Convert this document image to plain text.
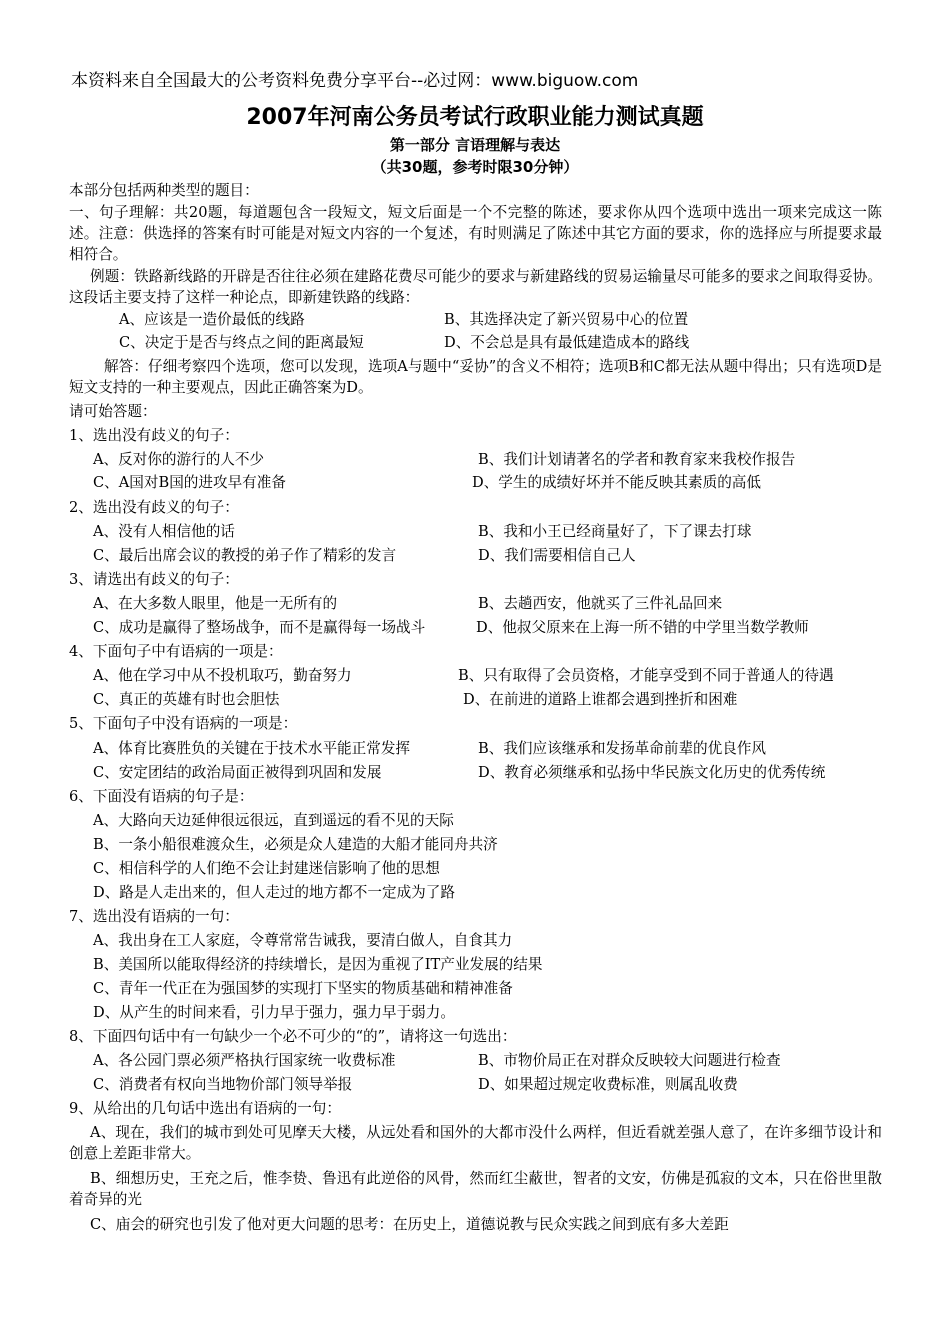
本资料来自全国最大的公考资料免费分享平台--必过网：www.biguow.com
2007年河南公务员考试行政职业能力测试真题
第一部分 言语理解与表达
（共30题，参考时限30分钟）
本部分包括两种类型的题目：
一、句子理解：共20题，每道题包含一段短文，短文后面是一个不完整的陈述，要求你从四个选项中选出一项来完成这一陈述。注意：供选择的答案有时可能是对短文内容的一个复述，有时则满足了陈述中其它方面的要求，你的选择应与所提要求最相符合。
例题：铁路新线路的开辟是否往往必须在建路花费尽可能少的要求与新建路线的贸易运输量尽可能多的要求之间取得妥协。这段话主要支持了这样一种论点，即新建铁路的线路：
A、应该是一造价最低的线路	B、其选择决定了新兴贸易中心的位置
C、决定于是否与终点之间的距离最短	D、不会总是具有最低建造成本的路线
解答：仔细考察四个选项，您可以发现，选项A与题中“妥协”的含义不相符；选项B和C都无法从题中得出；只有选项D是短文支持的一种主要观点，因此正确答案为D。
请可始答题：
1、选出没有歧义的句子：
A、反对你的游行的人不少	B、我们计划请著名的学者和教育家来我校作报告
C、A国对B国的进攻早有准备	D、学生的成绩好坏并不能反映其素质的高低
2、选出没有歧义的句子：
A、没有人相信他的话	B、我和小王已经商量好了，下了课去打球
C、最后出席会议的教授的弟子作了精彩的发言	D、我们需要相信自己人
3、请选出有歧义的句子：
A、在大多数人眼里，他是一无所有的	B、去趟西安，他就买了三件礼品回来
C、成功是赢得了整场战争，而不是赢得每一场战斗	D、他叔父原来在上海一所不错的中学里当数学教师
4、下面句子中有语病的一项是：
A、他在学习中从不投机取巧，勤奋努力	B、只有取得了会员资格，才能享受到不同于普通人的待遇
C、真正的英雄有时也会胆怯	D、在前进的道路上谁都会遇到挫折和困难
5、下面句子中没有语病的一项是：
A、体育比赛胜负的关键在于技术水平能正常发挥	B、我们应该继承和发扬革命前辈的优良作风
C、安定团结的政治局面正被得到巩固和发展	D、教育必须继承和弘扬中华民族文化历史的优秀传统
6、下面没有语病的句子是：
A、大路向天边延伸很远很远，直到遥远的看不见的天际
B、一条小船很难渡众生，必须是众人建造的大船才能同舟共济
C、相信科学的人们绝不会让封建迷信影响了他的思想
D、路是人走出来的，但人走过的地方都不一定成为了路
7、选出没有语病的一句：
A、我出身在工人家庭，令尊常常告诫我，要清白做人，自食其力
B、美国所以能取得经济的持续增长，是因为重视了IT产业发展的结果
C、青年一代正在为强国梦的实现打下坚实的物质基础和精神准备
D、从产生的时间来看，引力早于强力，强力早于弱力。
8、下面四句话中有一句缺少一个必不可少的“的”，请将这一句选出：
A、各公园门票必须严格执行国家统一收费标准	B、市物价局正在对群众反映较大问题进行检查
C、消费者有权向当地物价部门领导举报	D、如果超过规定收费标准，则属乱收费
9、从给出的几句话中选出有语病的一句：
A、现在，我们的城市到处可见摩天大楼，从远处看和国外的大都市没什么两样，但近看就差强人意了，在许多细节设计和创意上差距非常大。
B、细想历史，王充之后，惟李贽、鲁迅有此逆俗的风骨，然而红尘蔽世，智者的文安，仿佛是孤寂的文本，只在俗世里散着奇异的光
C、庙会的研究也引发了他对更大问题的思考：在历史上，道德说教与民众实践之间到底有多大差距
